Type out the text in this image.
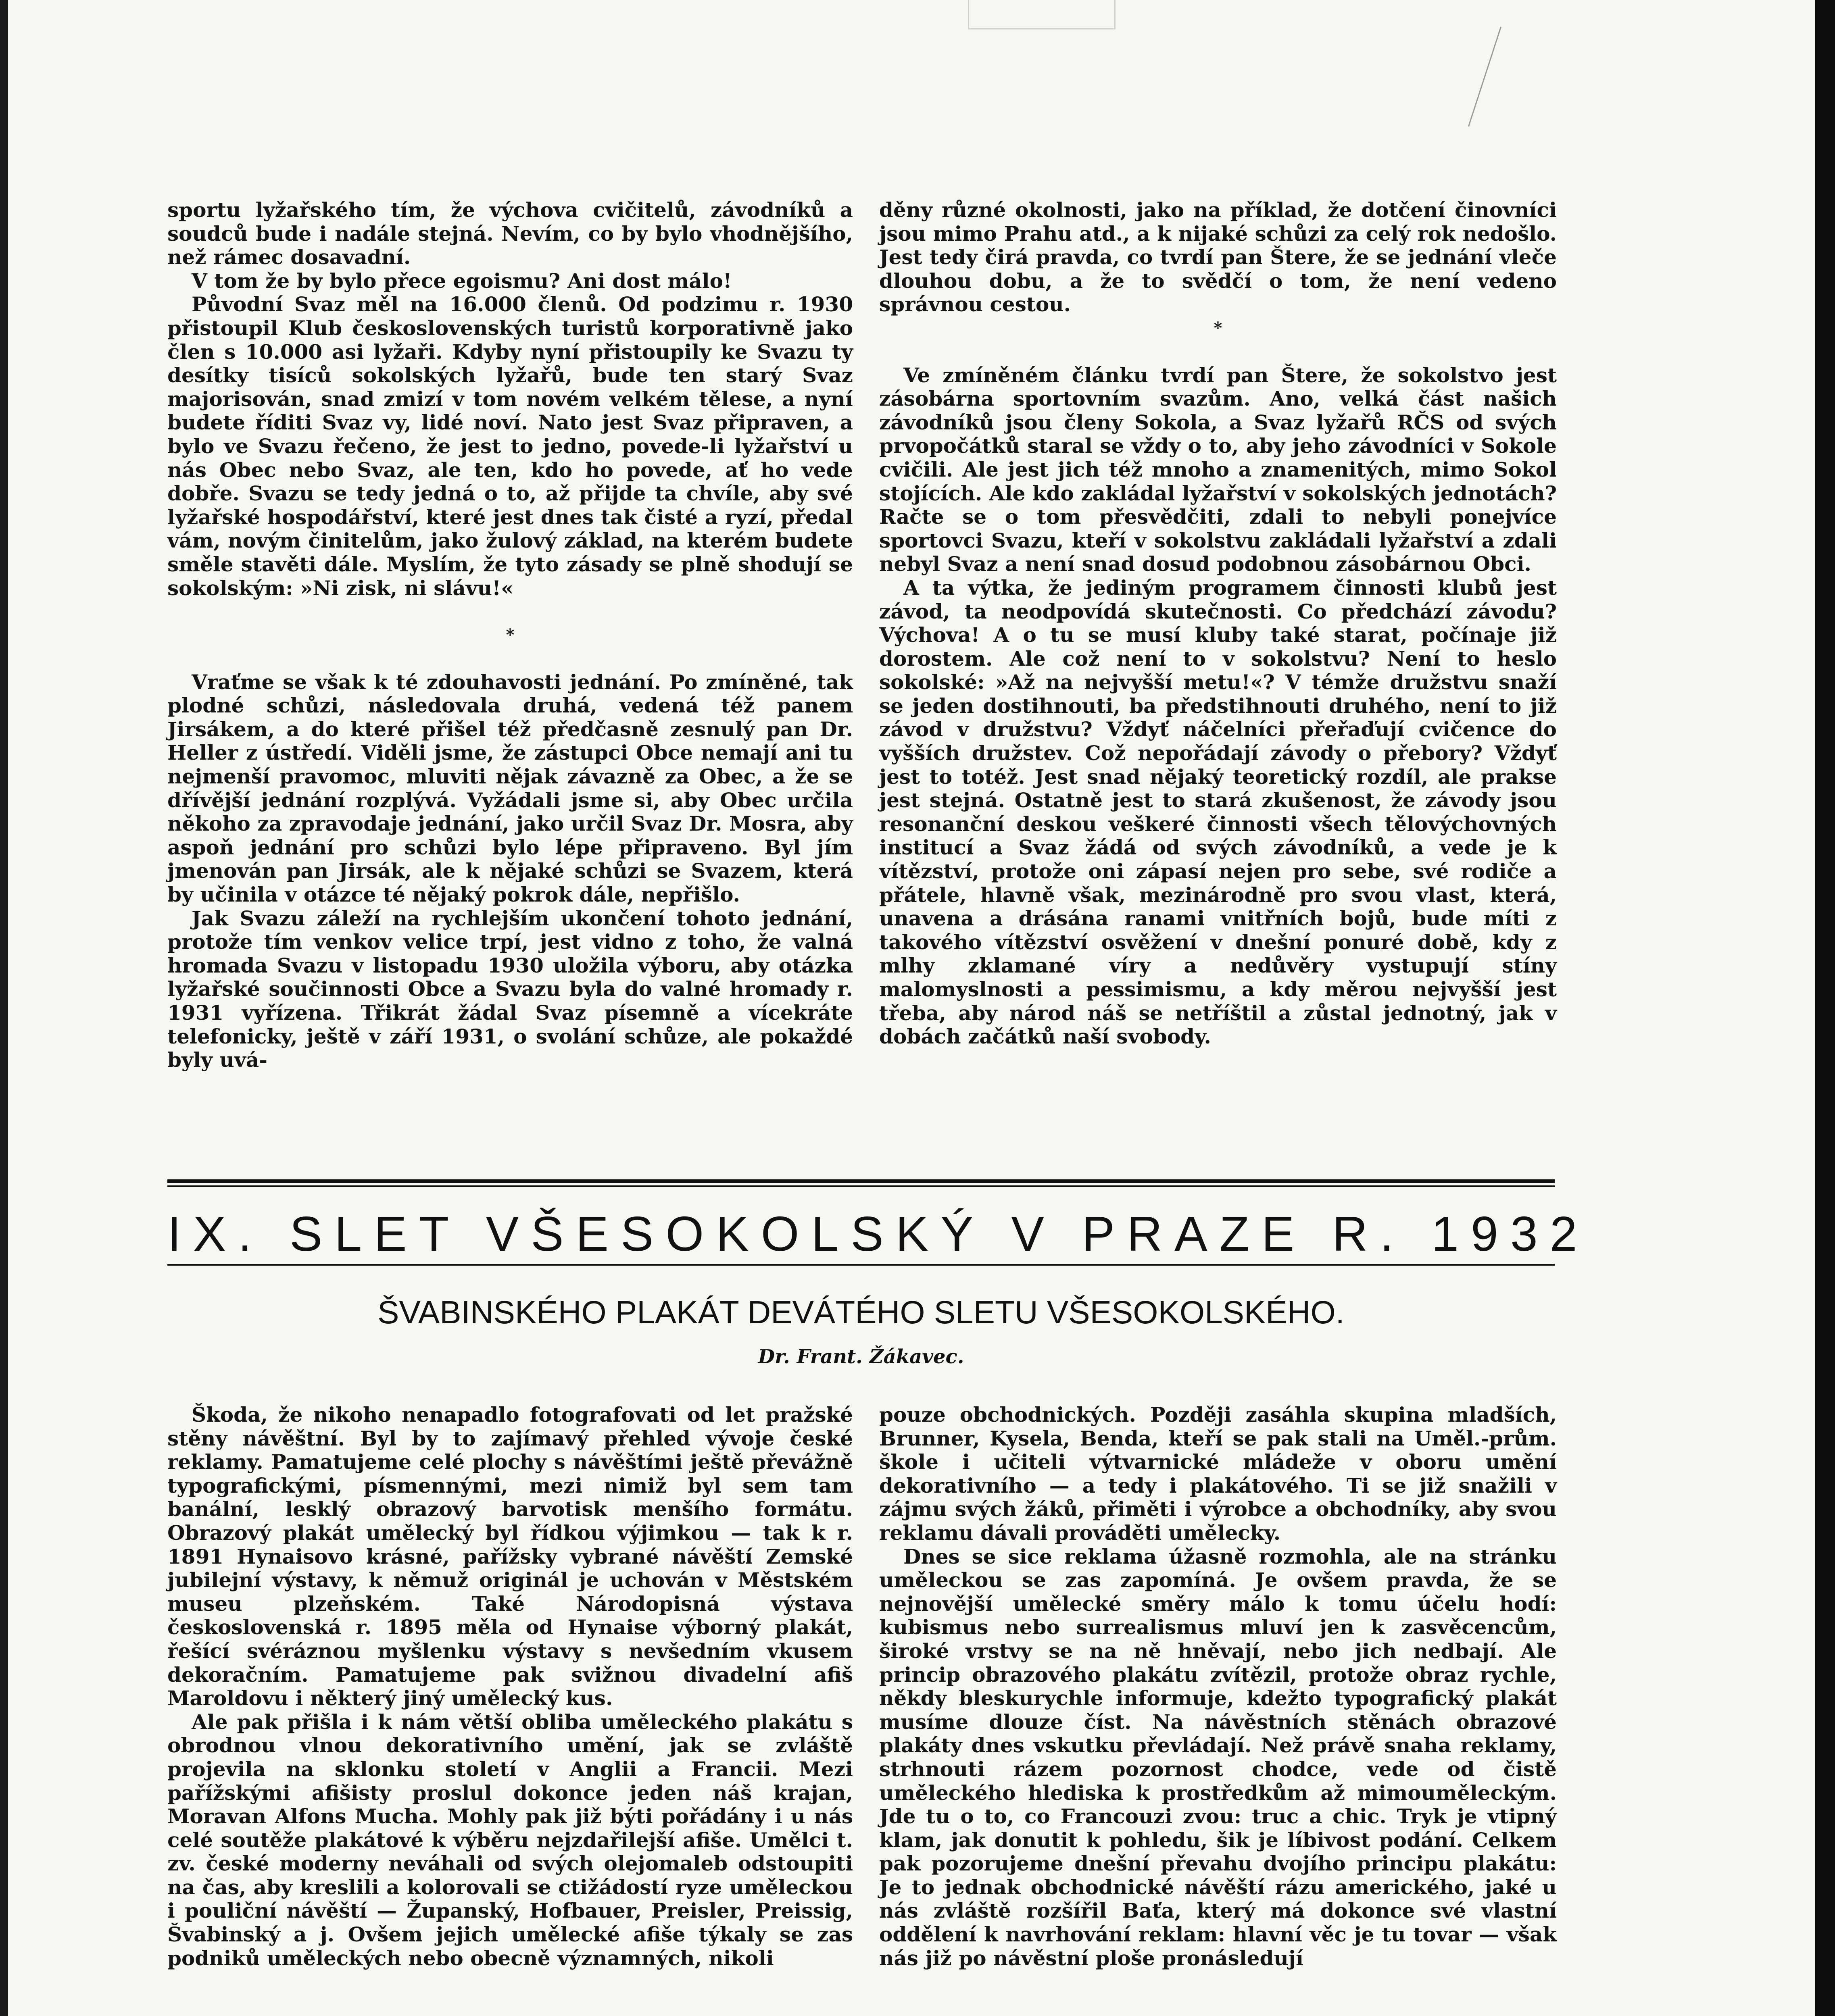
sportu lyžařského tím, že výchova cvičitelů, závodníků a soudců bude i nadále stejná. Nevím, co by bylo vhodnějšího, než rámec dosavadní.

V tom že by bylo přece egoismu? Ani dost málo!

Původní Svaz měl na 16.000 členů. Od podzimu r. 1930 přistoupil Klub československých turistů korporativně jako člen s 10.000 asi lyžaři. Kdyby nyní přistoupily ke Svazu ty desítky tisíců sokolských lyžařů, bude ten starý Svaz majorisován, snad zmizí v tom novém velkém tělese, a nyní budete říditi Svaz vy, lidé noví. Nato jest Svaz připraven, a bylo ve Svazu řečeno, že jest to jedno, povede-li lyžařství u nás Obec nebo Svaz, ale ten, kdo ho povede, ať ho vede dobře. Svazu se tedy jedná o to, až přijde ta chvíle, aby své lyžařské hospodářství, které jest dnes tak čisté a ryzí, předal vám, novým činitelům, jako žulový základ, na kterém budete směle stavěti dále. Myslím, že tyto zásady se plně shodují se sokolským: »Ni zisk, ni slávu!«

*

Vraťme se však k té zdouhavosti jednání. Po zmíněné, tak plodné schůzi, následovala druhá, vedená též panem Jirsákem, a do které přišel též předčasně zesnulý pan Dr. Heller z ústředí. Viděli jsme, že zástupci Obce nemají ani tu nejmenší pravomoc, mluviti nějak závazně za Obec, a že se dřívější jednání rozplývá. Vyžádali jsme si, aby Obec určila někoho za zpravodaje jednání, jako určil Svaz Dr. Mosra, aby aspoň jednání pro schůzi bylo lépe připraveno. Byl jím jmenován pan Jirsák, ale k nějaké schůzi se Svazem, která by učinila v otázce té nějaký pokrok dále, nepřišlo.

Jak Svazu záleží na rychlejším ukončení tohoto jednání, protože tím venkov velice trpí, jest vidno z toho, že valná hromada Svazu v listopadu 1930 uložila výboru, aby otázka lyžařské součinnosti Obce a Svazu byla do valné hromady r. 1931 vyřízena. Třikrát žádal Svaz písemně a vícekráte telefonicky, ještě v září 1931, o svolání schůze, ale pokaždé byly uvá-

děny různé okolnosti, jako na příklad, že dotčení činovníci jsou mimo Prahu atd., a k nijaké schůzi za celý rok nedošlo. Jest tedy čirá pravda, co tvrdí pan Štere, že se jednání vleče dlouhou dobu, a že to svědčí o tom, že není vedeno správnou cestou.

*

Ve zmíněném článku tvrdí pan Štere, že sokolstvo jest zásobárna sportovním svazům. Ano, velká část našich závodníků jsou členy Sokola, a Svaz lyžařů RČS od svých prvopočátků staral se vždy o to, aby jeho závodníci v Sokole cvičili. Ale jest jich též mnoho a znamenitých, mimo Sokol stojících. Ale kdo zakládal lyžařství v sokolských jednotách? Račte se o tom přesvědčiti, zdali to nebyli ponejvíce sportovci Svazu, kteří v sokolstvu zakládali lyžařství a zdali nebyl Svaz a není snad dosud podobnou zásobárnou Obci.

A ta výtka, že jediným programem činnosti klubů jest závod, ta neodpovídá skutečnosti. Co předchází závodu? Výchova! A o tu se musí kluby také starat, počínaje již dorostem. Ale což není to v sokolstvu? Není to heslo sokolské: »Až na nejvyšší metu!«? V témže družstvu snaží se jeden dostihnouti, ba předstihnouti druhého, není to již závod v družstvu? Vždyť náčelníci přeřaďují cvičence do vyšších družstev. Což nepořádají závody o přebory? Vždyť jest to totéž. Jest snad nějaký teoretický rozdíl, ale prakse jest stejná. Ostatně jest to stará zkušenost, že závody jsou resonanční deskou veškeré činnosti všech tělovýchovných institucí a Svaz žádá od svých závodníků, a vede je k vítězství, protože oni zápasí nejen pro sebe, své rodiče a přátele, hlavně však, mezinárodně pro svou vlast, která, unavena a drásána ranami vnitřních bojů, bude míti z takového vítězství osvěžení v dnešní ponuré době, kdy z mlhy zklamané víry a nedůvěry vystupují stíny malomyslnosti a pessimismu, a kdy měrou nejvyšší jest třeba, aby národ náš se netříštil a zůstal jednotný, jak v dobách začátků naší svobody.

IX. SLET VŠESOKOLSKÝ V PRAZE R. 1932
ŠVABINSKÉHO PLAKÁT DEVÁTÉHO SLETU VŠESOKOLSKÉHO.
Dr. Frant. Žákavec.

Škoda, že nikoho nenapadlo fotografovati od let pražské stěny návěštní. Byl by to zajímavý přehled vývoje české reklamy. Pamatujeme celé plochy s návěštími ještě převážně typografickými, písmennými, mezi nimiž byl sem tam banální, lesklý obrazový barvotisk menšího formátu. Obrazový plakát umělecký byl řídkou výjimkou — tak k r. 1891 Hynaisovo krásné, pařížsky vybrané návěští Zemské jubilejní výstavy, k němuž originál je uchován v Městském museu plzeňském. Také Národopisná výstava československá r. 1895 měla od Hynaise výborný plakát, řešící svéráznou myšlenku výstavy s nevšedním vkusem dekoračním. Pamatujeme pak svižnou divadelní afiš Maroldovu i některý jiný umělecký kus.

Ale pak přišla i k nám větší obliba uměleckého plakátu s obrodnou vlnou dekorativního umění, jak se zvláště projevila na sklonku století v Anglii a Francii. Mezi pařížskými afišisty proslul dokonce jeden náš krajan, Moravan Alfons Mucha. Mohly pak již býti pořádány i u nás celé soutěže plakátové k výběru nejzdařilejší afiše. Umělci t. zv. české moderny neváhali od svých olejomaleb odstoupiti na čas, aby kreslili a kolorovali se ctižádostí ryze uměleckou i pouliční návěští — Županský, Hofbauer, Preisler, Preissig, Švabinský a j. Ovšem jejich umělecké afiše týkaly se zas podniků uměleckých nebo obecně významných, nikoli

pouze obchodnických. Později zasáhla skupina mladších, Brunner, Kysela, Benda, kteří se pak stali na Uměl.-prům. škole i učiteli výtvarnické mládeže v oboru umění dekorativního — a tedy i plakátového. Ti se již snažili v zájmu svých žáků, přiměti i výrobce a obchodníky, aby svou reklamu dávali prováděti umělecky.

Dnes se sice reklama úžasně rozmohla, ale na stránku uměleckou se zas zapomíná. Je ovšem pravda, že se nejnovější umělecké směry málo k tomu účelu hodí: kubismus nebo surrealismus mluví jen k zasvěcencům, široké vrstvy se na ně hněvají, nebo jich nedbají. Ale princip obrazového plakátu zvítězil, protože obraz rychle, někdy bleskurychle informuje, kdežto typografický plakát musíme dlouze číst. Na návěstních stěnách obrazové plakáty dnes vskutku převládají. Než právě snaha reklamy, strhnouti rázem pozornost chodce, vede od čistě uměleckého hlediska k prostředkům až mimouměleckým. Jde tu o to, co Francouzi zvou: truc a chic. Tryk je vtipný klam, jak donutit k pohledu, šik je líbivost podání. Celkem pak pozorujeme dnešní převahu dvojího principu plakátu: Je to jednak obchodnické návěští rázu amerického, jaké u nás zvláště rozšířil Baťa, který má dokonce své vlastní oddělení k navrhování reklam: hlavní věc je tu tovar — však nás již po návěstní ploše pronásledují
